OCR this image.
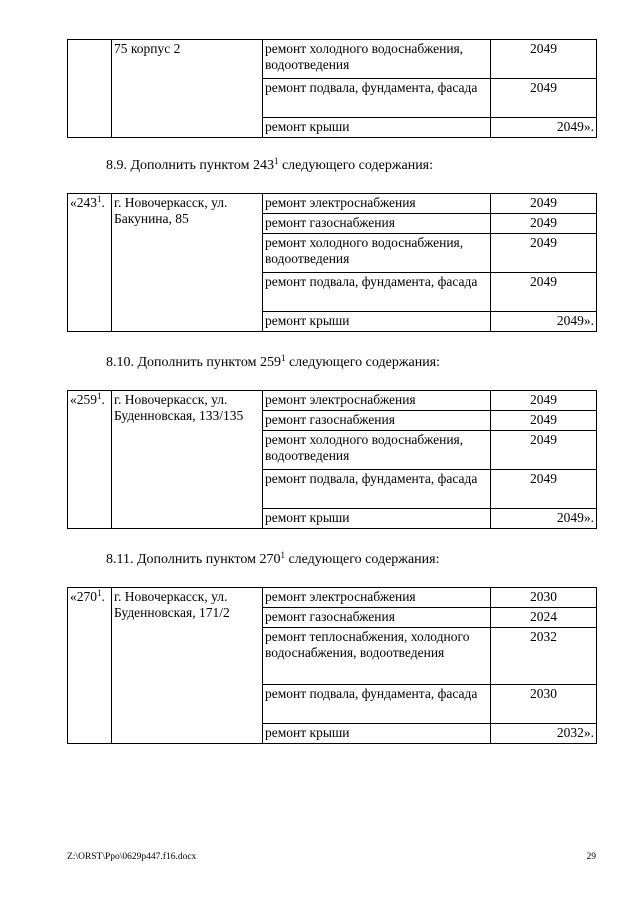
	75 корпус 2	ремонт холодного водоснабжения, водоотведения	2049
		ремонт подвала, фундамента, фасада	2049
		ремонт крыши	2049».
8.9. Дополнить пунктом $243^1$ следующего содержания:
«$243^1$.	г. Новочеркасск, ул. Бакунина, 85	ремонт электроснабжения	2049
		ремонт газоснабжения	2049
		ремонт холодного водоснабжения, водоотведения	2049
		ремонт подвала, фундамента, фасада	2049
		ремонт крыши	2049».
8.10. Дополнить пунктом $259^1$ следующего содержания:
«$259^1$.	г. Новочеркасск, ул. Буденновская, 133/135	ремонт электроснабжения	2049
		ремонт газоснабжения	2049
		ремонт холодного водоснабжения, водоотведения	2049
		ремонт подвала, фундамента, фасада	2049
		ремонт крыши	2049».
8.11. Дополнить пунктом $270^1$ следующего содержания:
«$270^1$.	г. Новочеркасск, ул. Буденновская, 171/2	ремонт электроснабжения	2030
		ремонт газоснабжения	2024
		ремонт теплоснабжения, холодного водоснабжения, водоотведения	2032
		ремонт подвала, фундамента, фасада	2030
		ремонт крыши	2032».
Z:\ORST\Ppo\0629p447.f16.docx	29
